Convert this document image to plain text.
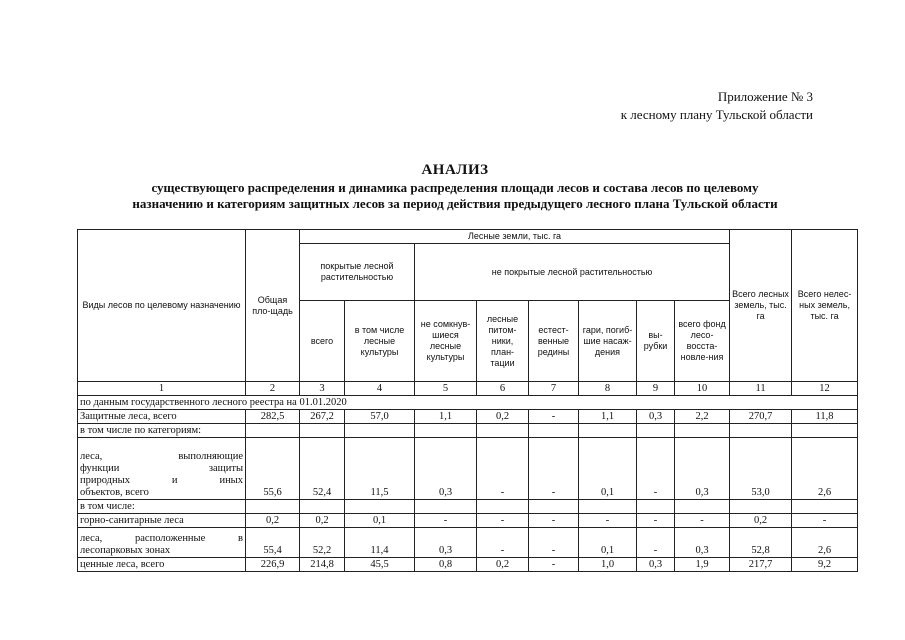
Приложение № 3
к лесному плану Тульской области
АНАЛИЗ
существующего распределения и динамика распределения площади лесов и состава лесов по целевому
назначению и категориям защитных лесов за период действия предыдущего лесного плана Тульской области
Виды лесов по целевому назначению	Общая пло-щадь	Лесные земли, тыс. га								Всего лесных земель, тыс. га	Всего нелес-ных земель, тыс. га
		покрытые лесной растительностью		не покрытые лесной растительностью							
		всего	в том числе лесные культуры	не сомкнув-шиеся лесные культуры	лесные питом-ники, план-тации	естест-венные редины	гари, погиб-шие насаж-дения	вы-рубки	всего фонд лесо-восста-новле-ния		
1	2	3	4	5	6	7	8	9	10	11	12
по данным государственного лесного реестра на 01.01.2020											
Защитные леса, всего	282,5	267,2	57,0	1,1	0,2	-	1,1	0,3	2,2	270,7	11,8
в том числе по категориям:											

леса, выполняющие
функции защиты
природных и иных
объектов, всего	55,6	52,4	11,5	0,3	-	-	0,1	-	0,3	53,0	2,6
в том числе:											
горно-санитарные леса	0,2	0,2	0,1	-	-	-	-	-	-	0,2	-

леса, расположенные в
лесопарковых зонах	55,4	52,2	11,4	0,3	-	-	0,1	-	0,3	52,8	2,6
ценные леса, всего	226,9	214,8	45,5	0,8	0,2	-	1,0	0,3	1,9	217,7	9,2
